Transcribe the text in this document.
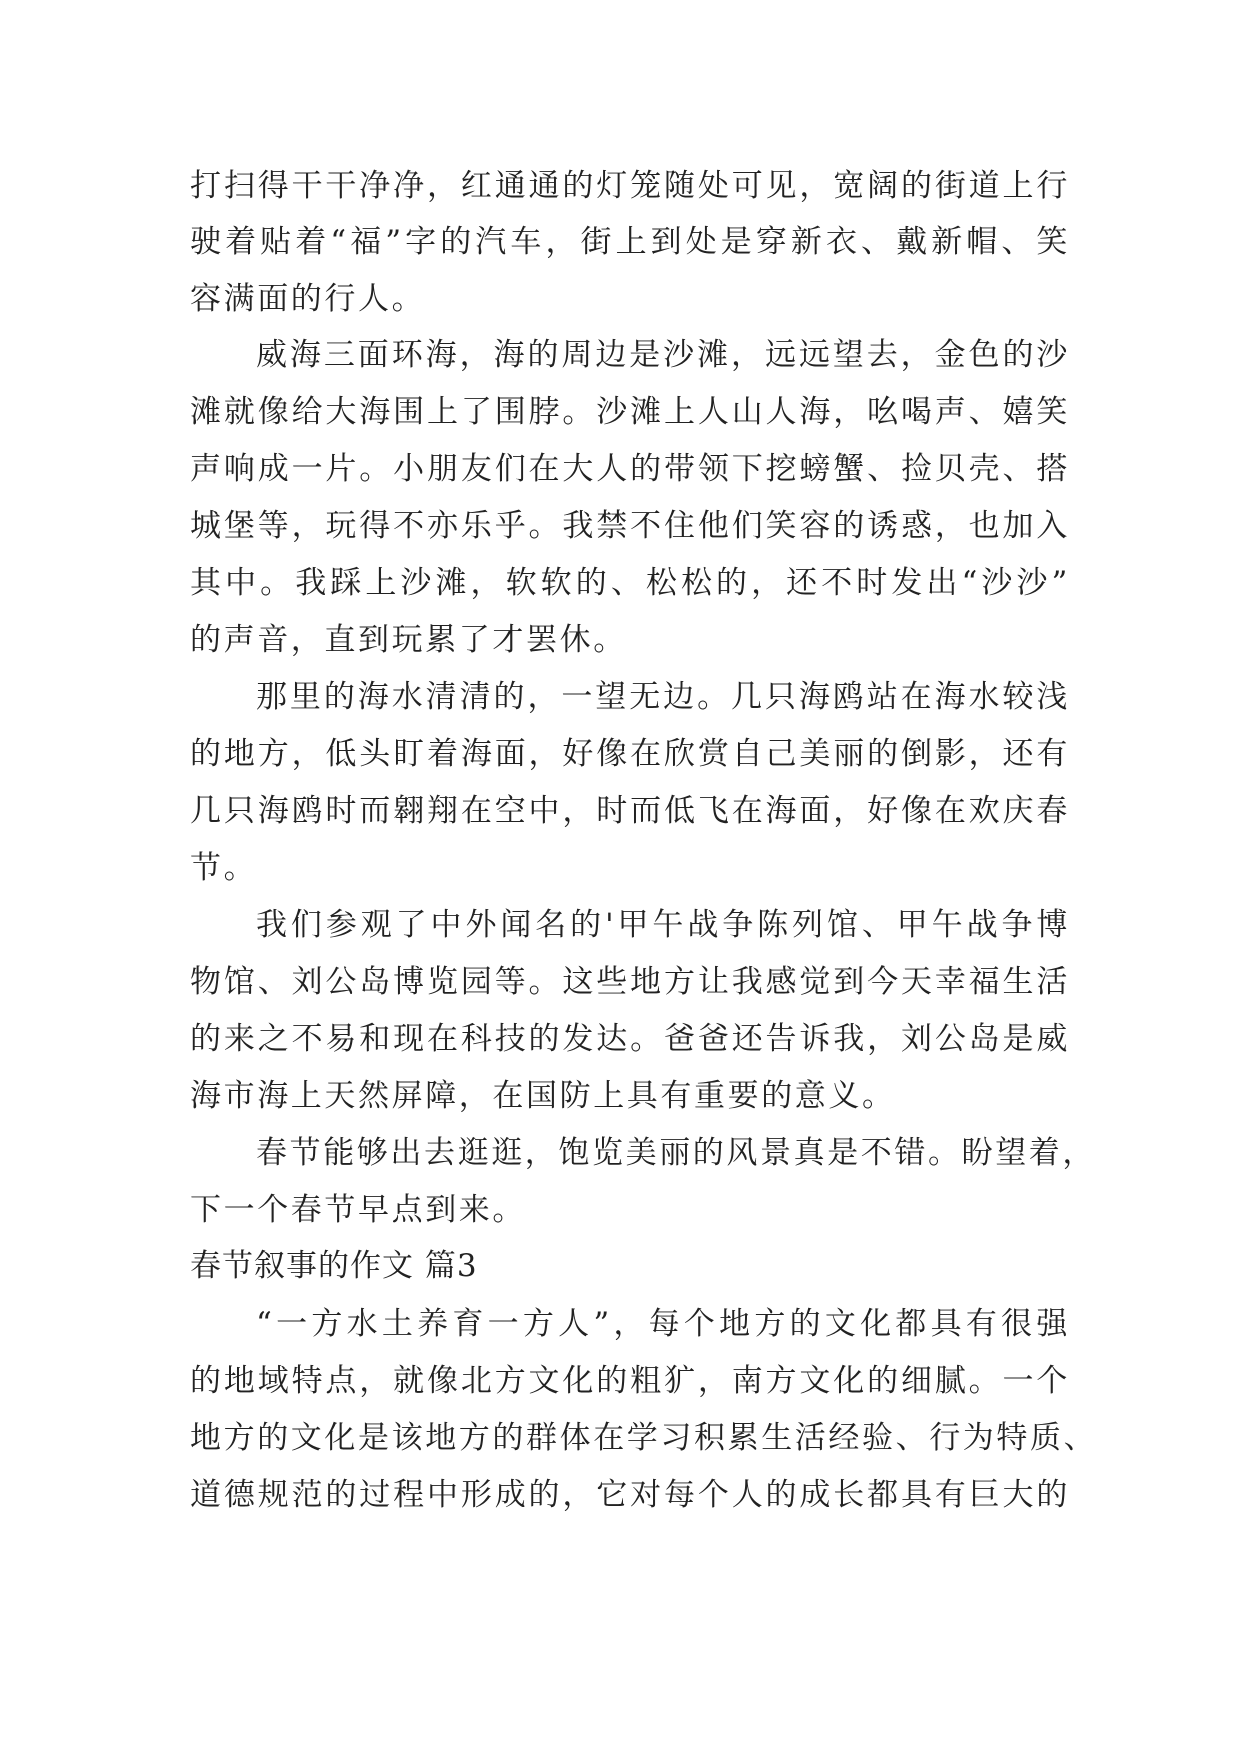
打扫得干干净净，红通通的灯笼随处可见，宽阔的街道上行
驶着贴着“福”字的汽车，街上到处是穿新衣、戴新帽、笑
容满面的行人。
威海三面环海，海的周边是沙滩，远远望去，金色的沙
滩就像给大海围上了围脖。沙滩上人山人海，吆喝声、嬉笑
声响成一片。小朋友们在大人的带领下挖螃蟹、捡贝壳、搭
城堡等，玩得不亦乐乎。我禁不住他们笑容的诱惑，也加入
其中。我踩上沙滩，软软的、松松的，还不时发出“沙沙”
的声音，直到玩累了才罢休。
那里的海水清清的，一望无边。几只海鸥站在海水较浅
的地方，低头盯着海面，好像在欣赏自己美丽的倒影，还有
几只海鸥时而翱翔在空中，时而低飞在海面，好像在欢庆春
节。
我们参观了中外闻名的'甲午战争陈列馆、甲午战争博
物馆、刘公岛博览园等。这些地方让我感觉到今天幸福生活
的来之不易和现在科技的发达。爸爸还告诉我，刘公岛是威
海市海上天然屏障，在国防上具有重要的意义。
春节能够出去逛逛，饱览美丽的风景真是不错。盼望着，
下一个春节早点到来。
春节叙事的作文 篇3
“一方水土养育一方人”，每个地方的文化都具有很强
的地域特点，就像北方文化的粗犷，南方文化的细腻。一个
地方的文化是该地方的群体在学习积累生活经验、行为特质、
道德规范的过程中形成的，它对每个人的成长都具有巨大的
